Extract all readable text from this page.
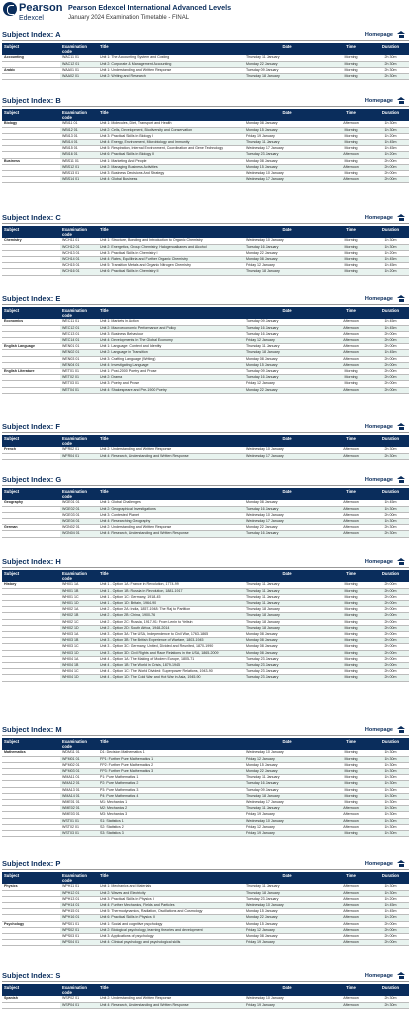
Pearson
Edexcel
Pearson Edexcel International Advanced Levels
January 2024 Examination Timetable - FINAL
Subject Index: A	Homepage
Subject	Examination code	Title	Date	Time	Duration
Accounting	WAC11 01	Unit 1: The Accounting System and Costing	Thursday 11 January	Morning	2h 30m
	WAC12 01	Unit 2: Corporate & Management Accounting	Monday 22 January	Morning	2h 30m
Arabic	WAA01 01	Unit 1: Understanding and Written Response	Tuesday 09 January	Morning	2h 30m
	WAA02 01	Unit 2: Writing and Research	Thursday 18 January	Morning	2h 30m
Subject Index: B	Homepage
Subject	Examination code	Title	Date	Time	Duration
Biology	WBI11 01	Unit 1: Molecules, Diet, Transport and Health	Monday 08 January	Afternoon	1h 30m
	WBI12 01	Unit 2: Cells, Development, Biodiversity and Conservation	Monday 15 January	Morning	1h 30m
	WBI13 01	Unit 3: Practical Skills in Biology I	Friday 19 January	Morning	1h 20m
	WBI14 01	Unit 4: Energy, Environment, Microbiology and Immunity	Thursday 11 January	Morning	1h 45m
	WBI15 01	Unit 5: Respiration, Internal Environment, Coordination and Gene Technology	Wednesday 17 January	Morning	1h 45m
	WBI16 01	Unit 6: Practical Skills in Biology II	Tuesday 23 January	Afternoon	1h 20m
Business	WBS11 01	Unit 1: Marketing And People	Monday 08 January	Morning	2h 00m
	WBS12 01	Unit 2: Managing Business Activities	Monday 15 January	Afternoon	2h 00m
	WBS13 01	Unit 3: Business Decisions And Strategy	Wednesday 10 January	Morning	2h 00m
	WBS14 01	Unit 4: Global Business	Wednesday 17 January	Afternoon	2h 00m
Subject Index: C	Homepage
Subject	Examination code	Title	Date	Time	Duration
Chemistry	WCH11 01	Unit 1: Structure, Bonding and Introduction to Organic Chemistry	Wednesday 10 January	Morning	1h 30m
	WCH12 01	Unit 2: Energetics, Group Chemistry, Halogenoalkanes and Alcohol	Tuesday 16 January	Morning	1h 30m
	WCH13 01	Unit 3: Practical Skills in Chemistry I	Monday 22 January	Morning	1h 20m
	WCH14 01	Unit 4: Rates, Equilibria and Further Organic Chemistry	Monday 08 January	Morning	1h 45m
	WCH15 01	Unit 5: Transition Metals and Organic Nitrogen Chemistry	Friday 12 January	Morning	1h 45m
	WCH16 01	Unit 6: Practical Skills in Chemistry II	Thursday 18 January	Morning	1h 20m
Subject Index: E	Homepage
Subject	Examination code	Title	Date	Time	Duration
Economics	WEC11 01	Unit 1: Markets in Action	Tuesday 09 January	Afternoon	1h 45m
	WEC12 01	Unit 2: Macroeconomic Performance and Policy	Tuesday 16 January	Afternoon	1h 45m
	WEC13 01	Unit 3: Business Behaviour	Tuesday 16 January	Afternoon	2h 00m
	WEC14 01	Unit 4: Developments In The Global Economy	Friday 12 January	Afternoon	2h 00m
English Language	WEN01 01	Unit 1: Language: Context and Identity	Thursday 11 January	Afternoon	2h 00m
	WEN02 01	Unit 2: Language in Transition	Thursday 18 January	Afternoon	1h 45m
	WEN03 01	Unit 3: Crafting Language (Writing)	Monday 08 January	Afternoon	2h 00m
	WEN04 01	Unit 4: Investigating Language	Monday 15 January	Afternoon	2h 00m
English Literature	WET01 01	Unit 1: Post-2000 Poetry and Prose	Tuesday 09 January	Morning	2h 00m
	WET02 01	Unit 2: Drama	Tuesday 16 January	Morning	2h 00m
	WET03 01	Unit 3: Poetry and Prose	Friday 12 January	Morning	2h 00m
	WET04 01	Unit 4: Shakespeare and Pre-1900 Poetry	Monday 22 January	Afternoon	2h 00m
Subject Index: F	Homepage
Subject	Examination code	Title	Date	Time	Duration
French	WFR02 01	Unit 2: Understanding and Written Response	Wednesday 10 January	Afternoon	2h 30m
	WFR04 01	Unit 4: Research, Understanding and Written Response	Wednesday 17 January	Afternoon	2h 30m
Subject Index: G	Homepage
Subject	Examination code	Title	Date	Time	Duration
Geography	WGE01 01	Unit 1: Global Challenges	Monday 08 January	Afternoon	1h 45m
	WGE02 01	Unit 2: Geographical Investigations	Tuesday 16 January	Afternoon	1h 30m
	WGE03 01	Unit 3: Contested Planet	Wednesday 10 January	Afternoon	2h 00m
	WGE04 01	Unit 4: Researching Geography	Wednesday 17 January	Afternoon	1h 30m
German	WGN02 01	Unit 2: Understanding and Written Response	Monday 22 January	Afternoon	2h 30m
	WGN04 01	Unit 4: Research, Understanding and Written Response	Tuesday 16 January	Afternoon	2h 30m
Subject Index: H	Homepage
Subject	Examination code	Title	Date	Time	Duration
History	WHI01 1A	Unit 1 - Option 1A: France in Revolution, 1774-99	Thursday 11 January	Morning	2h 00m
	WHI01 1B	Unit 1 - Option 1B: Russia in Revolution, 1881-1917	Thursday 11 January	Morning	2h 00m
	WHI01 1C	Unit 1 - Option 1C: Germany, 1918-45	Thursday 11 January	Morning	2h 00m
	WHI01 1D	Unit 1 - Option 1D: Britain, 1964-90	Thursday 11 January	Morning	2h 00m
	WHI02 1A	Unit 2 - Option 2A: India, 1857-1948: The Raj to Partition	Thursday 18 January	Morning	2h 00m
	WHI02 1B	Unit 2 - Option 2B: China, 1900-76	Thursday 18 January	Morning	2h 00m
	WHI02 1C	Unit 2 - Option 2C: Russia, 1917-91: From Lenin to Yeltsin	Thursday 18 January	Morning	2h 00m
	WHI02 1D	Unit 2 - Option 2D: South Africa, 1948-2014	Thursday 18 January	Morning	2h 00m
	WHI03 1A	Unit 3 - Option 3A: The USA, Independence to Civil War, 1763-1865	Monday 08 January	Morning	2h 00m
	WHI03 1B	Unit 3 - Option 3B: The British Experience of Warfare, 1803-1945	Monday 08 January	Morning	2h 00m
	WHI03 1C	Unit 3 - Option 3C: Germany, United, Divided and Reunited, 1870-1990	Monday 08 January	Morning	2h 00m
	WHI03 1D	Unit 3 - Option 3D: Civil Rights and Race Relations in the USA, 1865-2009	Monday 08 January	Morning	2h 00m
	WHI04 1A	Unit 4 - Option 1A: The Making of Modern Europe, 1805-71	Tuesday 23 January	Morning	2h 00m
	WHI04 1B	Unit 4 - Option 1B: The World in Crisis, 1879-1945	Tuesday 23 January	Morning	2h 00m
	WHI04 1C	Unit 4 - Option 1C: The World Divided: Superpower Relations, 1943-90	Tuesday 23 January	Morning	2h 00m
	WHI04 1D	Unit 4 - Option 1D: The Cold War and Hot War in Asia, 1945-90	Tuesday 23 January	Morning	2h 00m
Subject Index: M	Homepage
Subject	Examination code	Title	Date	Time	Duration
Mathematics	WDM11 01	D1: Decision Mathematics 1	Wednesday 10 January	Morning	1h 30m
	WFM01 01	FP1: Further Pure Mathematics 1	Friday 12 January	Morning	1h 30m
	WFM02 01	FP2: Further Pure Mathematics 2	Monday 15 January	Morning	1h 30m
	WFM03 01	FP3: Further Pure Mathematics 3	Monday 22 January	Morning	1h 30m
	WMA11 01	P1: Pure Mathematics 1	Thursday 11 January	Morning	1h 30m
	WMA12 01	P2: Pure Mathematics 2	Tuesday 16 January	Morning	1h 30m
	WMA13 01	P3: Pure Mathematics 3	Tuesday 09 January	Morning	1h 30m
	WMA14 01	P4: Pure Mathematics 4	Thursday 18 January	Morning	1h 30m
	WME01 01	M1: Mechanics 1	Wednesday 17 January	Morning	1h 30m
	WME02 01	M2: Mechanics 2	Thursday 11 January	Afternoon	1h 30m
	WME03 01	M3: Mechanics 3	Friday 19 January	Afternoon	1h 30m
	WST01 01	S1: Statistics 1	Wednesday 10 January	Afternoon	1h 30m
	WST02 01	S2: Statistics 2	Friday 12 January	Afternoon	1h 30m
	WST03 01	S3: Statistics 3	Friday 19 January	Morning	1h 30m
Subject Index: P	Homepage
Subject	Examination code	Title	Date	Time	Duration
Physics	WPH11 01	Unit 1: Mechanics and Materials	Thursday 11 January	Afternoon	1h 30m
	WPH12 01	Unit 2: Waves and Electricity	Thursday 18 January	Afternoon	1h 30m
	WPH13 01	Unit 3: Practical Skills in Physics I	Tuesday 23 January	Afternoon	1h 20m
	WPH14 01	Unit 4: Further Mechanics, Fields and Particles	Wednesday 10 January	Afternoon	1h 45m
	WPH15 01	Unit 5: Thermodynamics, Radiation, Oscillations and Cosmology	Monday 15 January	Afternoon	1h 45m
	WPH16 01	Unit 6: Practical Skills in Physics II	Monday 22 January	Afternoon	1h 20m
Psychology	WPS01 01	Unit 1: Social and cognitive psychology	Monday 15 January	Afternoon	2h 00m
	WPS02 01	Unit 2: Biological psychology, learning theories and development	Friday 12 January	Afternoon	2h 00m
	WPS03 01	Unit 3: Applications of psychology	Monday 08 January	Afternoon	2h 00m
	WPS04 01	Unit 4: Clinical psychology and psychological skills	Friday 19 January	Afternoon	2h 00m
Subject Index: S	Homepage
Subject	Examination code	Title	Date	Time	Duration
Spanish	WSP02 01	Unit 2: Understanding and Written Response	Wednesday 10 January	Afternoon	2h 30m
	WSP04 01	Unit 4: Research, Understanding and Written Response	Friday 19 January	Afternoon	2h 30m
